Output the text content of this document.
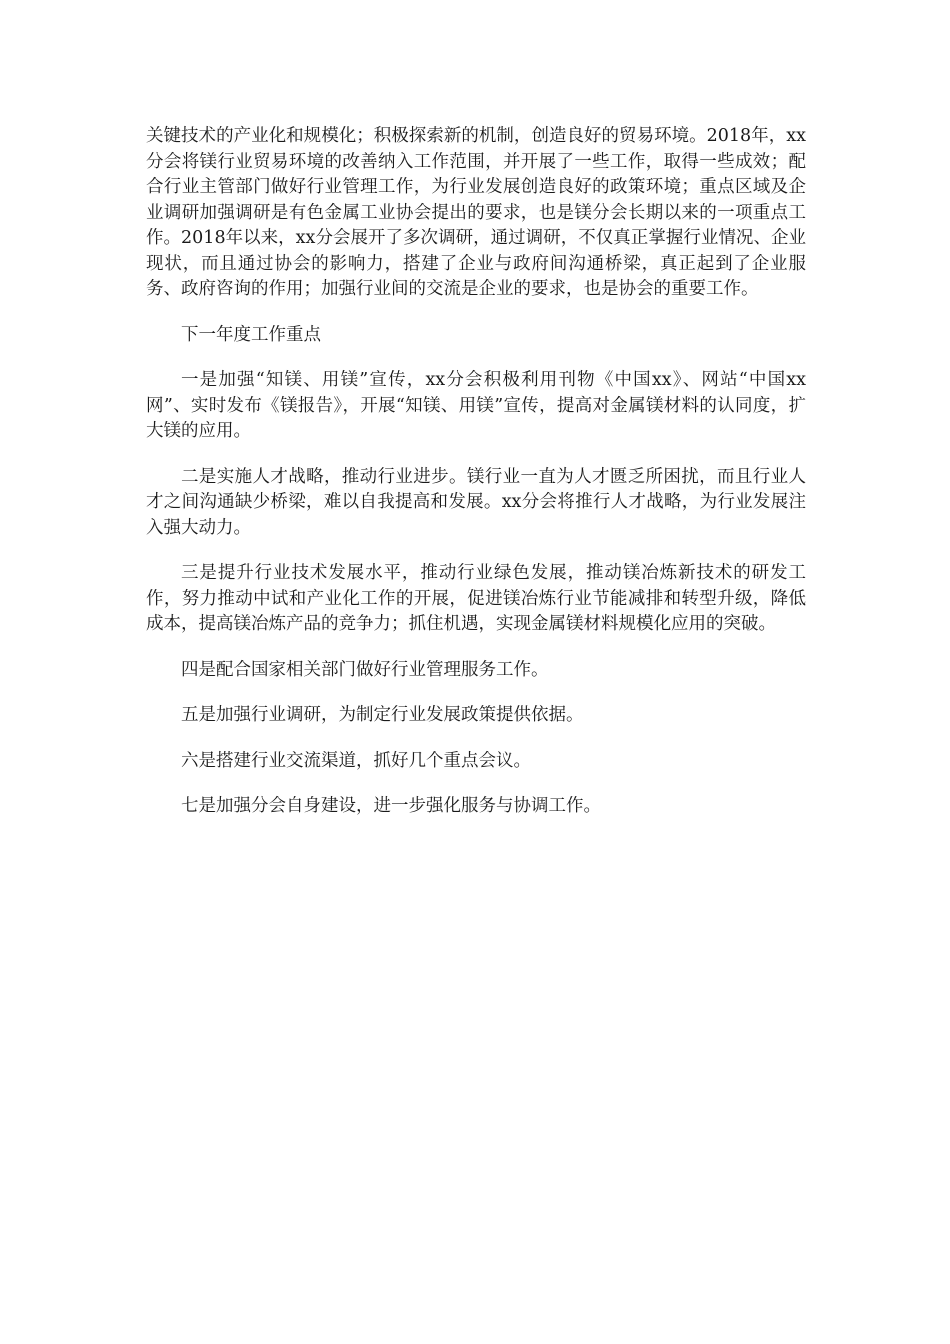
关键技术的产业化和规模化；积极探索新的机制，创造良好的贸易环境。2018年，xx分会将镁行业贸易环境的改善纳入工作范围，并开展了一些工作，取得一些成效；配合行业主管部门做好行业管理工作，为行业发展创造良好的政策环境；重点区域及企业调研加强调研是有色金属工业协会提出的要求，也是镁分会长期以来的一项重点工作。2018年以来，xx分会展开了多次调研，通过调研，不仅真正掌握行业情况、企业现状，而且通过协会的影响力，搭建了企业与政府间沟通桥梁，真正起到了企业服务、政府咨询的作用；加强行业间的交流是企业的要求，也是协会的重要工作。

下一年度工作重点

一是加强“知镁、用镁”宣传，xx分会积极利用刊物《中国xx》、网站“中国xx网”、实时发布《镁报告》，开展“知镁、用镁”宣传，提高对金属镁材料的认同度，扩大镁的应用。

二是实施人才战略，推动行业进步。镁行业一直为人才匮乏所困扰，而且行业人才之间沟通缺少桥梁，难以自我提高和发展。xx分会将推行人才战略，为行业发展注入强大动力。

三是提升行业技术发展水平，推动行业绿色发展，推动镁冶炼新技术的研发工作，努力推动中试和产业化工作的开展，促进镁冶炼行业节能减排和转型升级，降低成本，提高镁冶炼产品的竞争力；抓住机遇，实现金属镁材料规模化应用的突破。

四是配合国家相关部门做好行业管理服务工作。

五是加强行业调研，为制定行业发展政策提供依据。

六是搭建行业交流渠道，抓好几个重点会议。

七是加强分会自身建设，进一步强化服务与协调工作。
